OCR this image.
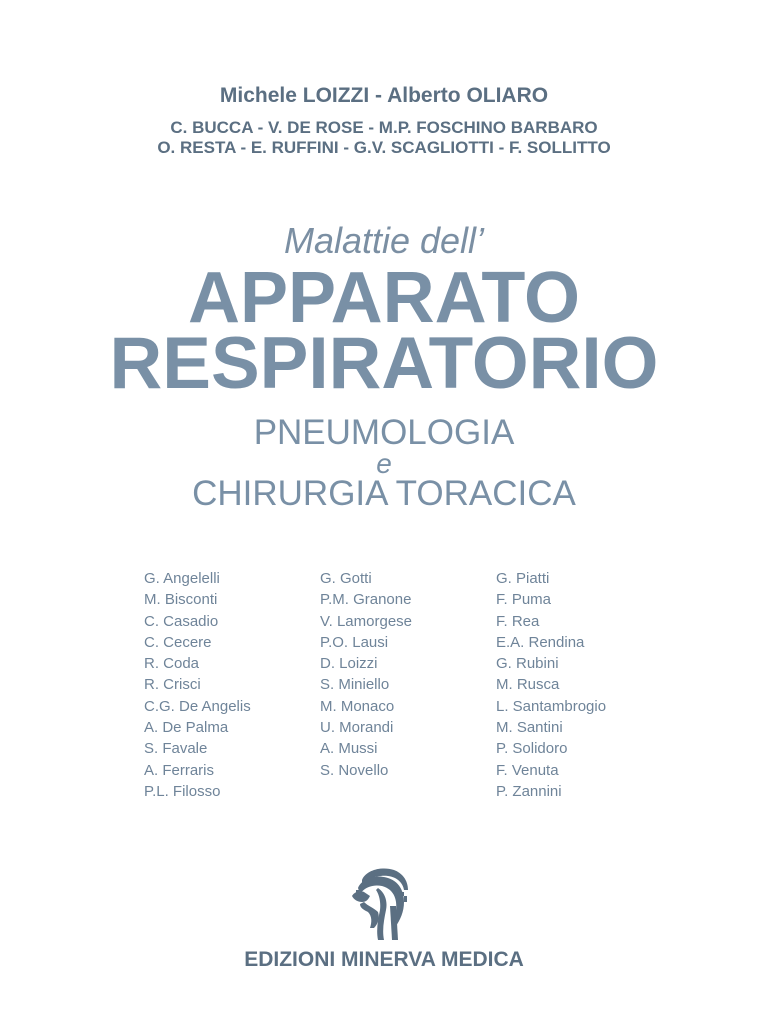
Michele LOIZZI - Alberto OLIARO
C. BUCCA - V. DE ROSE - M.P. FOSCHINO BARBARO
O. RESTA - E. RUFFINI - G.V. SCAGLIOTTI - F. SOLLITTO
Malattie dell’
APPARATO
RESPIRATORIO
PNEUMOLOGIA
e
CHIRURGIA TORACICA
G. Angelelli
M. Bisconti
C. Casadio
C. Cecere
R. Coda
R. Crisci
C.G. De Angelis
A. De Palma
S. Favale
A. Ferraris
P.L. Filosso
G. Gotti
P.M. Granone
V. Lamorgese
P.O. Lausi
D. Loizzi
S. Miniello
M. Monaco
U. Morandi
A. Mussi
S. Novello
G. Piatti
F. Puma
F. Rea
E.A. Rendina
G. Rubini
M. Rusca
L. Santambrogio
M. Santini
P. Solidoro
F. Venuta
P. Zannini
EDIZIONI MINERVA MEDICA
